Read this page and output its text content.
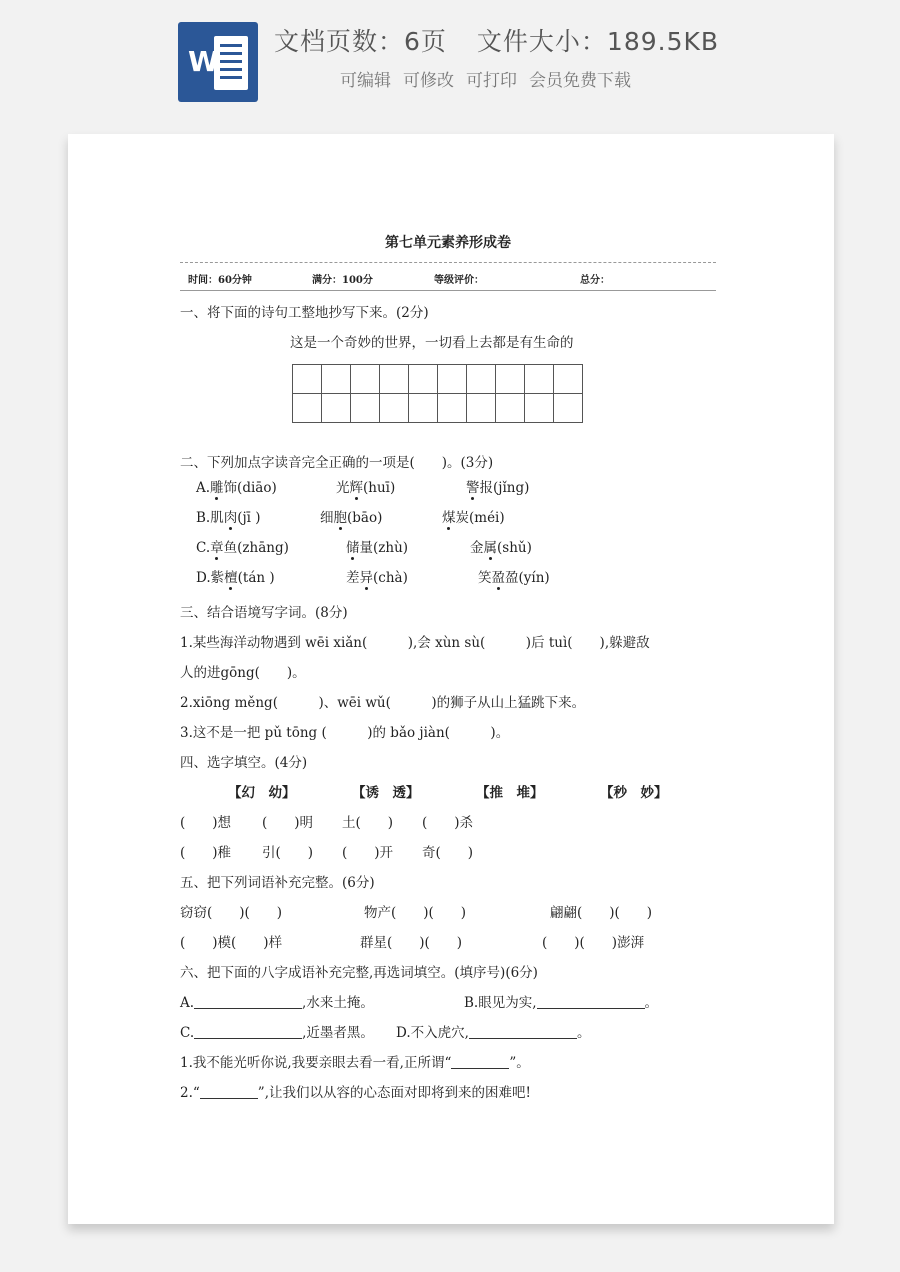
W
文档页数：6页 文件大小：189.5KB
可编辑 可修改 可打印 会员免费下载
第七单元素养形成卷
时间：60分钟	满分：100分	等级评价：	总分：
一、将下面的诗句工整地抄写下来。(2分)
这是一个奇妙的世界，一切看上去都是有生命的

二、下列加点字读音完全正确的一项是(　　)。(3分)
A.雕饰(diāo)	光辉(huī)	警报(jǐng)
B.肌肉(jī )	细胞(bāo)	煤炭(méi)
C.章鱼(zhāng)	储量(zhù)	金属(shǔ)
D.紫檀(tán )	差异(chà)	笑盈盈(yín)
三、结合语境写字词。(8分)
1.某些海洋动物遇到 wēi xiǎn(　　　),会 xùn sù(　　　)后 tuì(　　),躲避敌
人的进gōng(　　)。
2.xiōng měng(　　　)、wēi wǔ(　　　)的狮子从山上猛跳下来。
3.这不是一把 pǔ tōng (　　　)的 bǎo jiàn(　　　)。
四、选字填空。(4分)
【幻　幼】	【诱　透】	【推　堆】	【秒　妙】
(　　)想 (　　)明 土(　　) (　　)杀
(　　)稚 引(　　) (　　)开 奇(　　)
五、把下列词语补充完整。(6分)
窃窃(　　)(　　)	物产(　　)(　　)	翩翩(　　)(　　)
(　　)模(　　)样	群星(　　)(　　)	(　　)(　　)澎湃
六、把下面的八字成语补充完整,再选词填空。(填序号)(6分)
A.	,水来土掩。	B.眼见为实,	。
C.	,近墨者黑。 D.不入虎穴,	。
1.我不能光听你说,我要亲眼去看一看,正所谓“	”。
2.“	”,让我们以从容的心态面对即将到来的困难吧!
